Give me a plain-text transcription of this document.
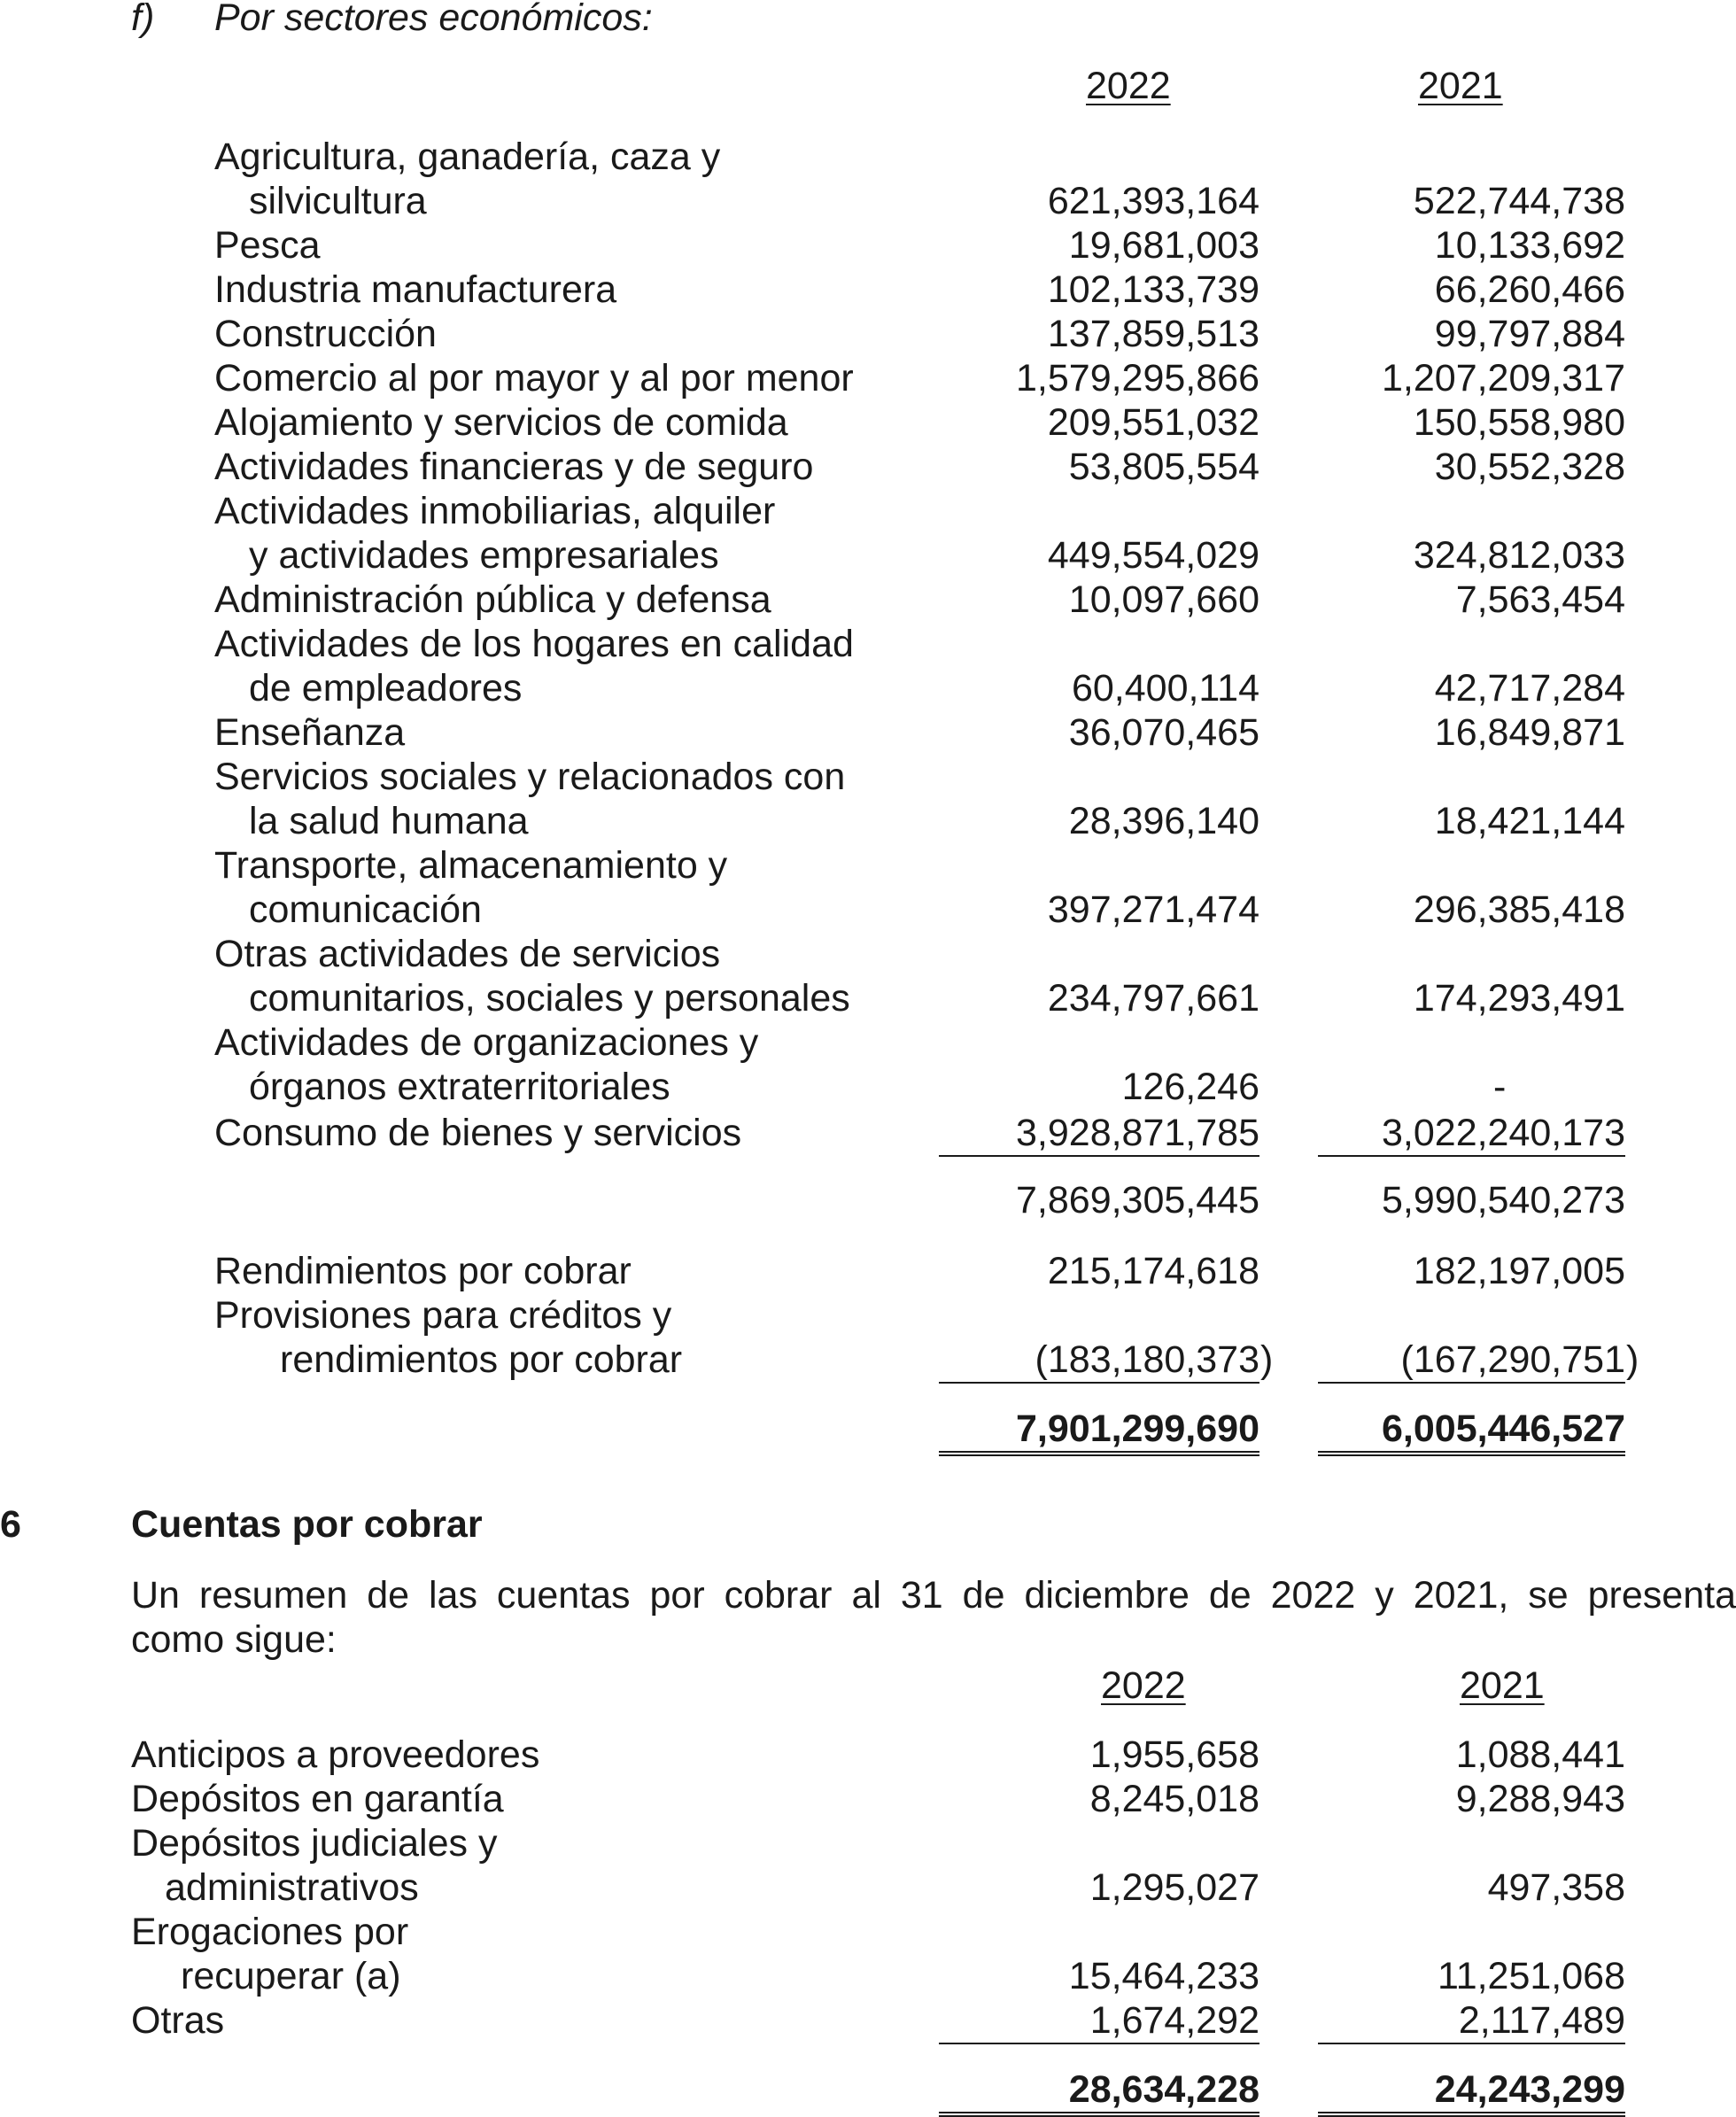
f) Por sectores económicos:
2022	2021
Agricultura, ganadería, caza y
silvicultura	621,393,164	522,744,738
Pesca	19,681,003	10,133,692
Industria manufacturera	102,133,739	66,260,466
Construcción	137,859,513	99,797,884
Comercio al por mayor y al por menor	1,579,295,866	1,207,209,317
Alojamiento y servicios de comida	209,551,032	150,558,980
Actividades financieras y de seguro	53,805,554	30,552,328
Actividades inmobiliarias, alquiler
y actividades empresariales	449,554,029	324,812,033
Administración pública y defensa	10,097,660	7,563,454
Actividades de los hogares en calidad
de empleadores	60,400,114	42,717,284
Enseñanza	36,070,465	16,849,871
Servicios sociales y relacionados con
la salud humana	28,396,140	18,421,144
Transporte, almacenamiento y
comunicación	397,271,474	296,385,418
Otras actividades de servicios
comunitarios, sociales y personales	234,797,661	174,293,491
Actividades de organizaciones y
órganos extraterritoriales	126,246	-
Consumo de bienes y servicios	3,928,871,785	3,022,240,173
7,869,305,445	5,990,540,273
Rendimientos por cobrar	215,174,618	182,197,005
Provisiones para créditos y
rendimientos por cobrar	(183,180,373 )	(167,290,751 )
7,901,299,690	6,005,446,527
6	Cuentas por cobrar
Un resumen de las cuentas por cobrar al 31 de diciembre de 2022 y 2021, se presenta
como sigue:
2022	2021
Anticipos a proveedores	1,955,658	1,088,441
Depósitos en garantía	8,245,018	9,288,943
Depósitos judiciales y
administrativos	1,295,027	497,358
Erogaciones por
recuperar (a)	15,464,233	11,251,068
Otras	1,674,292	2,117,489
28,634,228	24,243,299
